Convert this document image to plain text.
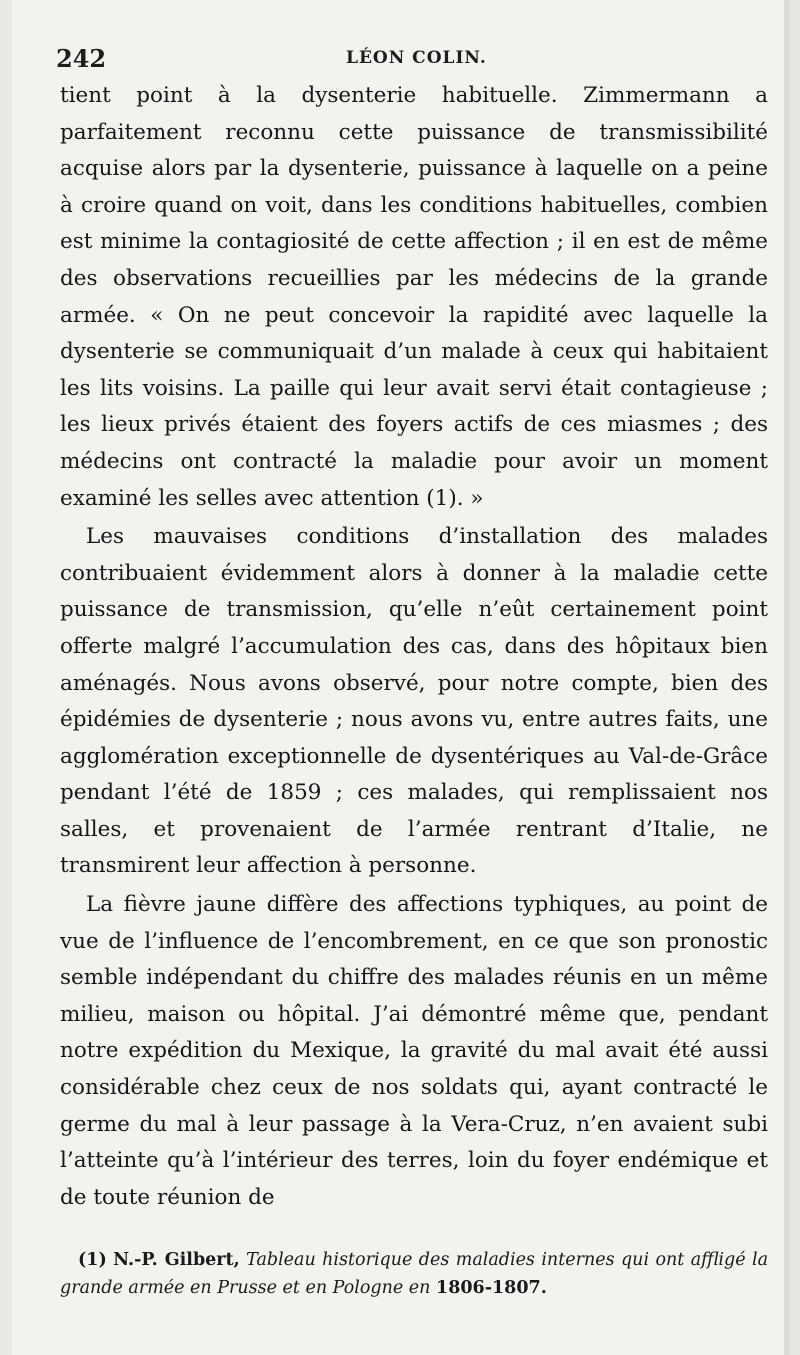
242	LÉON COLIN.

tient point à la dysenterie habituelle. Zimmermann a parfaitement reconnu cette puissance de transmissibilité acquise alors par la dysenterie, puissance à laquelle on a peine à croire quand on voit, dans les conditions habituelles, combien est minime la contagiosité de cette affection ; il en est de même des observations recueillies par les médecins de la grande armée. « On ne peut concevoir la rapidité avec laquelle la dysenterie se communiquait d’un malade à ceux qui habitaient les lits voisins. La paille qui leur avait servi était contagieuse ; les lieux privés étaient des foyers actifs de ces miasmes ; des médecins ont contracté la maladie pour avoir un moment examiné les selles avec attention (1). »

Les mauvaises conditions d’installation des malades contribuaient évidemment alors à donner à la maladie cette puissance de transmission, qu’elle n’eût certainement point offerte malgré l’accumulation des cas, dans des hôpitaux bien aménagés. Nous avons observé, pour notre compte, bien des épidémies de dysenterie ; nous avons vu, entre autres faits, une agglomération exceptionnelle de dysentériques au Val-de-Grâce pendant l’été de 1859 ; ces malades, qui remplissaient nos salles, et provenaient de l’armée rentrant d’Italie, ne transmirent leur affection à personne.

La fièvre jaune diffère des affections typhiques, au point de vue de l’influence de l’encombrement, en ce que son pronostic semble indépendant du chiffre des malades réunis en un même milieu, maison ou hôpital. J’ai démontré même que, pendant notre expédition du Mexique, la gravité du mal avait été aussi considérable chez ceux de nos soldats qui, ayant contracté le germe du mal à leur passage à la Vera-Cruz, n’en avaient subi l’atteinte qu’à l’intérieur des terres, loin du foyer endémique et de toute réunion de

(1) N.-P. Gilbert, Tableau historique des maladies internes qui ont affligé la grande armée en Prusse et en Pologne en 1806-1807.
